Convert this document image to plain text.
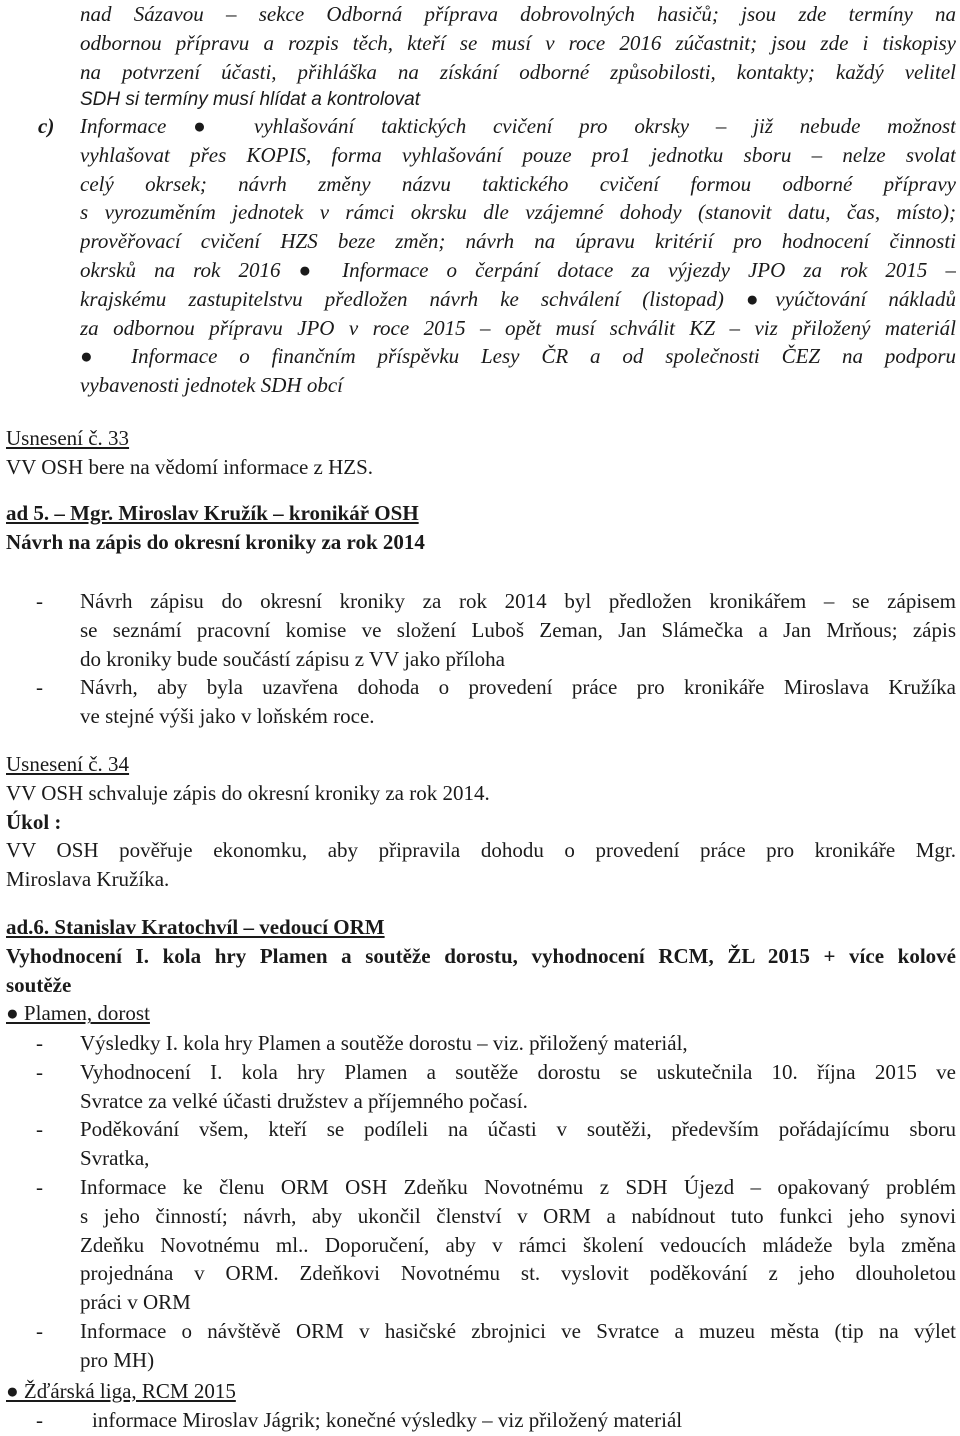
nad Sázavou – sekce Odborná příprava dobrovolných hasičů; jsou zde termíny na
odbornou přípravu a rozpis těch, kteří se musí v roce 2016 zúčastnit; jsou zde i tiskopisy
na potvrzení účasti, přihláška na získání odborné způsobilosti, kontakty; každý velitel
SDH si termíny musí hlídat a kontrolovat
c) Informace ● vyhlašování taktických cvičení pro okrsky – již nebude možnost
vyhlašovat přes KOPIS, forma vyhlašování pouze pro1 jednotku sboru – nelze svolat
celý okrsek; návrh změny názvu taktického cvičení formou odborné přípravy
s vyrozuměním jednotek v rámci okrsku dle vzájemné dohody (stanovit datu, čas, místo);
prověřovací cvičení HZS beze změn; návrh na úpravu kritérií pro hodnocení činnosti
okrsků na rok 2016 ● Informace o čerpání dotace za výjezdy JPO za rok 2015 –
krajskému zastupitelstvu předložen návrh ke schválení (listopad) ●vyúčtování nákladů
za odbornou přípravu JPO v roce 2015 – opět musí schválit KZ – viz přiložený materiál
● Informace o finančním příspěvku Lesy ČR a od společnosti ČEZ na podporu
vybavenosti jednotek SDH obcí
Usnesení č. 33
VV OSH bere na vědomí informace z HZS.
ad 5. – Mgr. Miroslav Kružík – kronikář OSH
Návrh na zápis do okresní kroniky za rok 2014
- Návrh zápisu do okresní kroniky za rok 2014 byl předložen kronikářem – se zápisem
se seznámí pracovní komise ve složení Luboš Zeman, Jan Slámečka a Jan Mrňous; zápis
do kroniky bude součástí zápisu z VV jako příloha
- Návrh, aby byla uzavřena dohoda o provedení práce pro kronikáře Miroslava Kružíka
ve stejné výši jako v loňském roce.
Usnesení č. 34
VV OSH schvaluje zápis do okresní kroniky za rok 2014.
Úkol :
VV OSH pověřuje ekonomku, aby připravila dohodu o provedení práce pro kronikáře Mgr.
Miroslava Kružíka.
ad.6. Stanislav Kratochvíl – vedoucí ORM
Vyhodnocení I. kola hry Plamen a soutěže dorostu, vyhodnocení RCM, ŽL 2015 + více kolové
soutěže
● Plamen, dorost
- Výsledky I. kola hry Plamen a soutěže dorostu – viz. přiložený materiál,
- Vyhodnocení I. kola hry Plamen a soutěže dorostu se uskutečnila 10. října 2015 ve
Svratce za velké účasti družstev a příjemného počasí.
- Poděkování všem, kteří se podíleli na účasti v soutěži, především pořádajícímu sboru
Svratka,
- Informace ke členu ORM OSH Zdeňku Novotnému z SDH Újezd – opakovaný problém
s jeho činností; návrh, aby ukončil členství v ORM a nabídnout tuto funkci jeho synovi
Zdeňku Novotnému ml.. Doporučení, aby v rámci školení vedoucích mládeže byla změna
projednána v ORM. Zdeňkovi Novotnému st. vyslovit poděkování z jeho dlouholetou
práci v ORM
- Informace o návštěvě ORM v hasičské zbrojnici ve Svratce a muzeu města (tip na výlet
pro MH)
● Žďárská liga, RCM 2015
- informace Miroslav Jágrik; konečné výsledky – viz přiložený materiál
